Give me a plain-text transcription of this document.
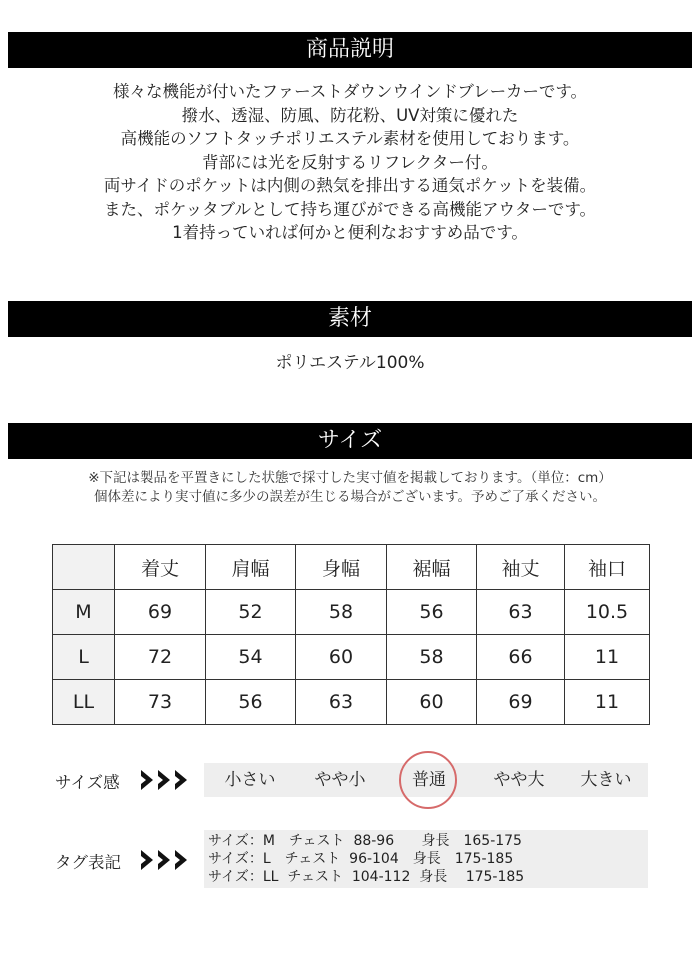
商品説明
様々な機能が付いたファーストダウンウインドブレーカーです。
撥水、透湿、防風、防花粉、UV対策に優れた
高機能のソフトタッチポリエステル素材を使用しております。
背部には光を反射するリフレクター付。
両サイドのポケットは内側の熱気を排出する通気ポケットを装備。
また、ポケッタブルとして持ち運びができる高機能アウターです。
1着持っていれば何かと便利なおすすめ品です。
素材
ポリエステル100%
サイズ
※下記は製品を平置きにした状態で採寸した実寸値を掲載しております。（単位：cm）
個体差により実寸値に多少の誤差が生じる場合がございます。予めご了承ください。
	着丈	肩幅	身幅	裾幅	袖丈	袖口
M	69	52	58	56	63	10.5
L	72	54	60	58	66	11
LL	73	56	63	60	69	11
サイズ感	小さい	やや小	普通	やや大	大きい
タグ表記
サイズ：M　チェスト  88-96 　  身長　165-175
サイズ：L　チェスト  96-104　身長　175-185
サイズ：LL  チェスト  104-112  身長　 175-185
